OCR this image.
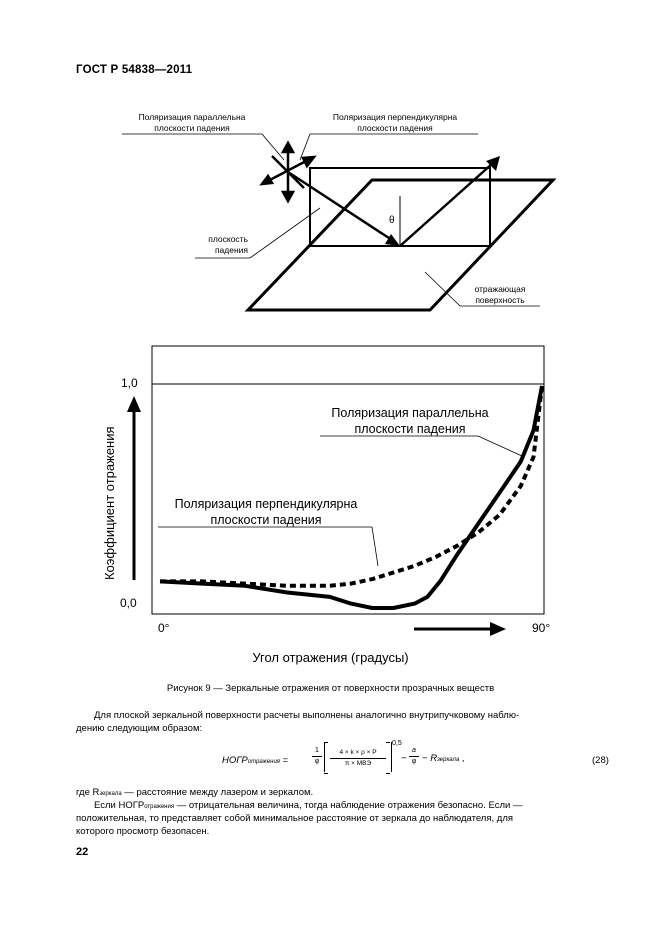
ГОСТ Р 54838—2011
Поляризация параллельна
плоскости падения
Поляризация перпендикулярна
плоскости падения
плоскость
падения
отражающая
поверхность
θ
Коэффициент отражения
1,0
0,0
0°	90°
Угол отражения (градусы)
Поляризация параллельна
плоскости падения
Поляризация перпендикулярна
плоскости падения
Рисунок 9 — Зеркальные отражения от поверхности прозрачных веществ
Для плоской зеркальной поверхности расчеты выполнены аналогично внутрипучковому наблю-
дению следующим образом:
НОГРотражения =	$\frac{1}{\varphi}$	4 × k × ρ × P
π × МВЭ
0,5
− $\frac{a}{\varphi}$ − Rзеркала ,	(28)
где Rзеркала — расстояние между лазером и зеркалом.
Если НОГРотражения — отрицательная величина, тогда наблюдение отражения безопасно. Если —
положительная, то представляет собой минимальное расстояние от зеркала до наблюдателя, для
которого просмотр безопасен.
22
